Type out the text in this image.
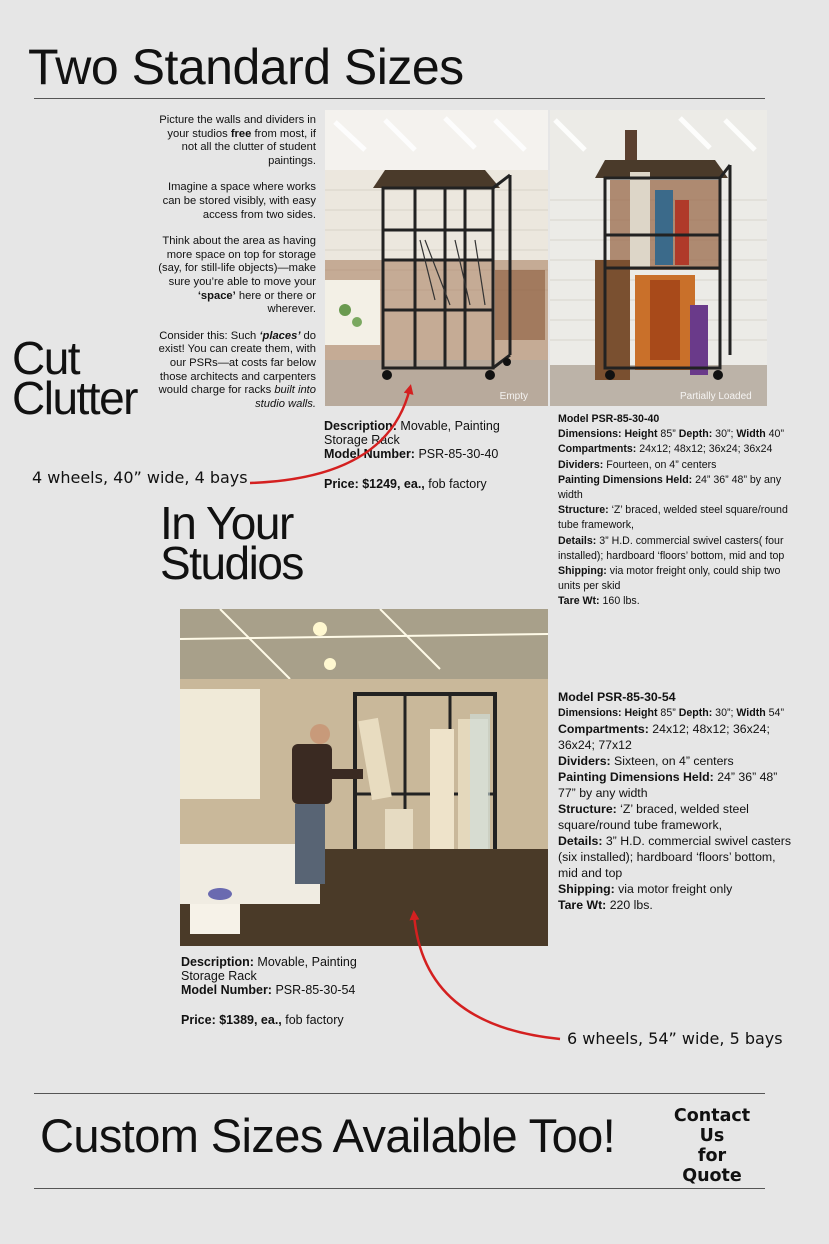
Two Standard Sizes

Picture the walls and dividers in your studios free from most, if not all the clutter of student paintings.

Imagine a space where works can be stored visibly, with easy access from two sides.

Think about the area as having more space on top for storage (say, for still-life objects)—make sure you’re able to move your ‘space’ here or there or wherever.

Consider this: Such ‘places’ do exist! You can create them, with our PSRs—at costs far below those architects and carpenters would charge for racks built into studio walls.

Cut
Clutter	Empty	Partially Loaded
Description: Movable, Painting Storage Rack
Model Number: PSR-85-30-40
Price: $1249, ea., fob factory
Model PSR-85-30-40
Dimensions: Height 85” Depth: 30”; Width 40”
Compartments: 24x12; 48x12; 36x24; 36x24
Dividers: Fourteen, on 4” centers
Painting Dimensions Held: 24” 36” 48” by any width
Structure: ‘Z’ braced, welded steel square/round tube framework,
Details: 3” H.D. commercial swivel casters( four installed); hardboard ‘floors’ bottom, mid and top
Shipping: via motor freight only, could ship two units per skid
Tare Wt: 160 lbs.
4 wheels, 40” wide, 4 bays
In Your
Studios
Model PSR-85-30-54
Dimensions: Height 85” Depth: 30”; Width 54”
Compartments: 24x12; 48x12; 36x24; 36x24; 77x12
Dividers: Sixteen, on 4” centers
Painting Dimensions Held: 24” 36” 48” 77” by any width
Structure: ‘Z’ braced, welded steel square/round tube framework,
Details: 3” H.D. commercial swivel casters (six installed); hardboard ‘floors’ bottom, mid and top
Shipping: via motor freight only
Tare Wt: 220 lbs.
Description: Movable, Painting Storage Rack
Model Number: PSR-85-30-54
Price: $1389, ea., fob factory
6 wheels, 54” wide, 5 bays
Custom Sizes Available Too!	Contact Us
for
Quote
